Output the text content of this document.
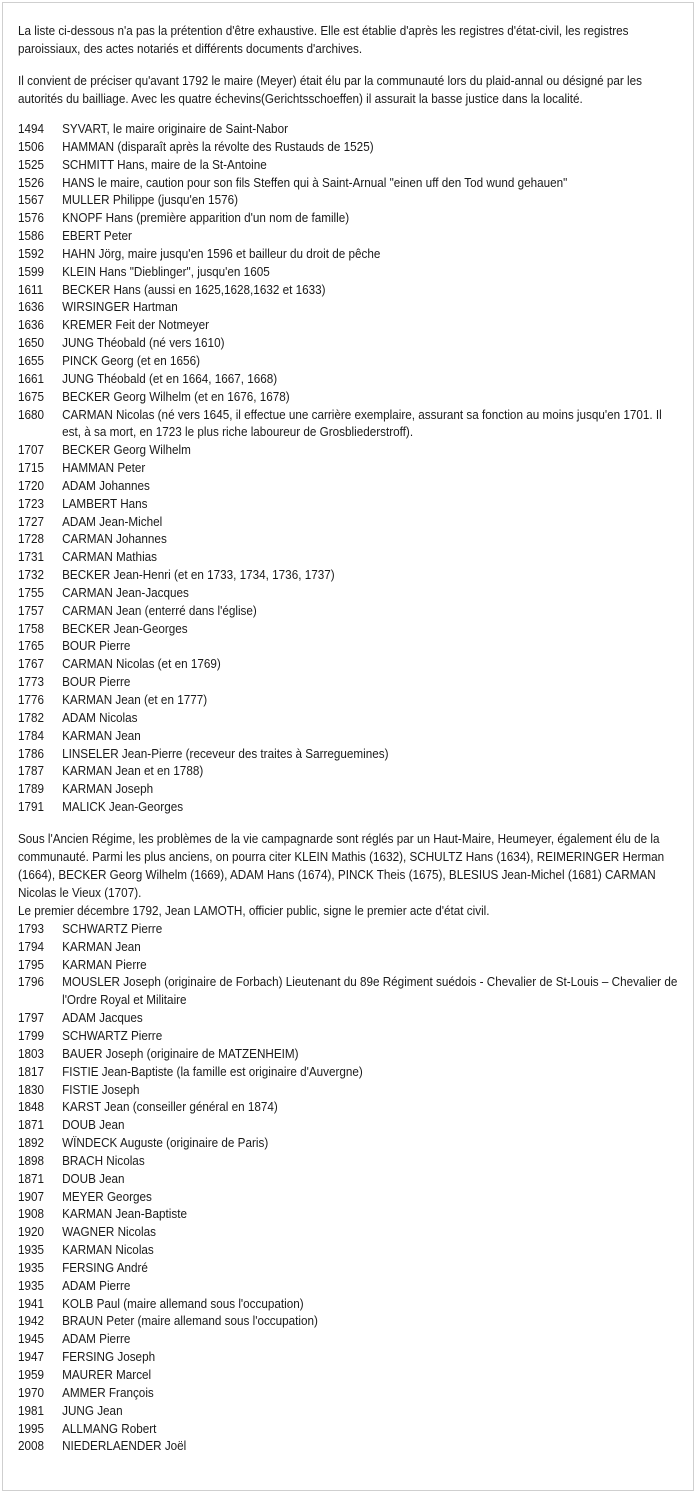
La liste ci-dessous n'a pas la prétention d'être exhaustive. Elle est établie d'après les registres d'état-civil, les registres paroissiaux, des actes notariés et différents documents d'archives.

Il convient de préciser qu'avant 1792 le maire (Meyer) était élu par la communauté lors du plaid-annal ou désigné par les autorités du bailliage. Avec les quatre échevins(Gerichtsschoeffen) il assurait la basse justice dans la localité.

1494	SYVART, le maire originaire de Saint-Nabor
1506	HAMMAN (disparaît après la révolte des Rustauds de 1525)
1525	SCHMITT Hans, maire de la St-Antoine
1526	HANS le maire, caution pour son fils Steffen qui à Saint-Arnual "einen uff den Tod wund gehauen"
1567	MULLER Philippe (jusqu'en 1576)
1576	KNOPF Hans (première apparition d'un nom de famille)
1586	EBERT Peter
1592	HAHN Jörg, maire jusqu'en 1596 et bailleur du droit de pêche
1599	KLEIN Hans "Dieblinger", jusqu'en 1605
1611	BECKER Hans (aussi en 1625,1628,1632 et 1633)
1636	WIRSINGER Hartman
1636	KREMER Feit der Notmeyer
1650	JUNG Théobald (né vers 1610)
1655	PINCK Georg (et en 1656)
1661	JUNG Théobald (et en 1664, 1667, 1668)
1675	BECKER Georg Wilhelm (et en 1676, 1678)
1680	CARMAN Nicolas (né vers 1645, il effectue une carrière exemplaire, assurant sa fonction au moins jusqu'en 1701. Il est, à sa mort, en 1723 le plus riche laboureur de Grosbliederstroff).
1707	BECKER Georg Wilhelm
1715	HAMMAN Peter
1720	ADAM Johannes
1723	LAMBERT Hans
1727	ADAM Jean-Michel
1728	CARMAN Johannes
1731	CARMAN Mathias
1732	BECKER Jean-Henri (et en 1733, 1734, 1736, 1737)
1755	CARMAN Jean-Jacques
1757	CARMAN Jean (enterré dans l'église)
1758	BECKER Jean-Georges
1765	BOUR Pierre
1767	CARMAN Nicolas (et en 1769)
1773	BOUR Pierre
1776	KARMAN Jean (et en 1777)
1782	ADAM Nicolas
1784	KARMAN Jean
1786	LINSELER Jean-Pierre (receveur des traites à Sarreguemines)
1787	KARMAN Jean et en 1788)
1789	KARMAN Joseph
1791	MALICK Jean-Georges

Sous l'Ancien Régime, les problèmes de la vie campagnarde sont réglés par un Haut-Maire, Heumeyer, également élu de la communauté. Parmi les plus anciens, on pourra citer KLEIN Mathis (1632), SCHULTZ Hans (1634), REIMERINGER Herman (1664), BECKER Georg Wilhelm (1669), ADAM Hans (1674), PINCK Theis (1675), BLESIUS Jean-Michel (1681) CARMAN Nicolas le Vieux (1707).

Le premier décembre 1792, Jean LAMOTH, officier public, signe le premier acte d'état civil.

1793	SCHWARTZ Pierre
1794	KARMAN Jean
1795	KARMAN Pierre
1796	MOUSLER Joseph (originaire de Forbach) Lieutenant du 89e Régiment suédois - Chevalier de St-Louis – Chevalier de l'Ordre Royal et Militaire
1797	ADAM Jacques
1799	SCHWARTZ Pierre
1803	BAUER Joseph (originaire de MATZENHEIM)
1817	FISTIE Jean-Baptiste (la famille est originaire d'Auvergne)
1830	FISTIE Joseph
1848	KARST Jean (conseiller général en 1874)
1871	DOUB Jean
1892	WÏNDECK Auguste (originaire de Paris)
1898	BRACH Nicolas
1871	DOUB Jean
1907	MEYER Georges
1908	KARMAN Jean-Baptiste
1920	WAGNER Nicolas
1935	KARMAN Nicolas
1935	FERSING André
1935	ADAM Pierre
1941	KOLB Paul (maire allemand sous l'occupation)
1942	BRAUN Peter (maire allemand sous l'occupation)
1945	ADAM Pierre
1947	FERSING Joseph
1959	MAURER Marcel
1970	AMMER François
1981	JUNG Jean
1995	ALLMANG Robert
2008	NIEDERLAENDER Joël
